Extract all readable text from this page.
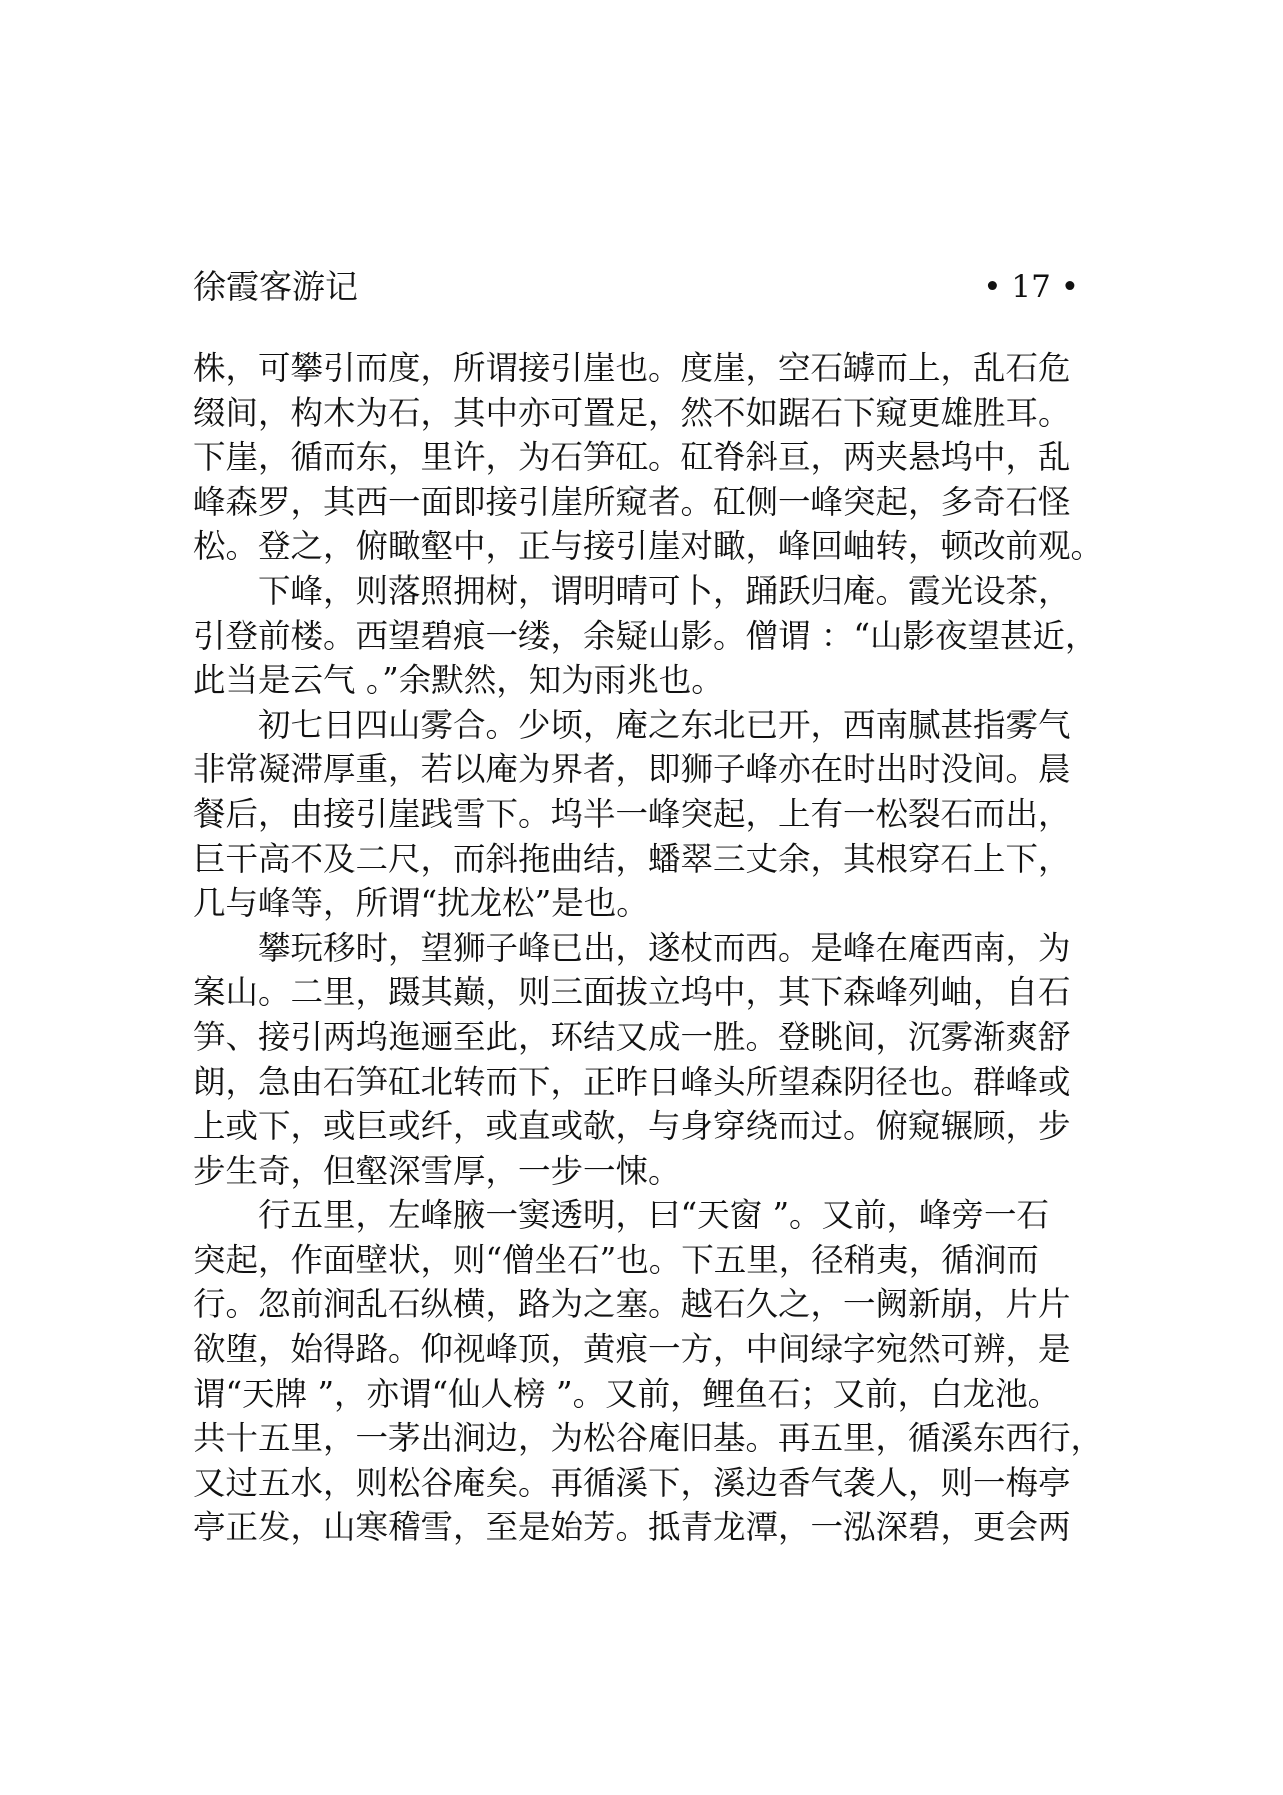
徐霞客游记	• 17 •
株，可攀引而度，所谓接引崖也。度崖，空石罅而上，乱石危
缀间，构木为石，其中亦可置足，然不如踞石下窥更雄胜耳。
下崖，循而东，里许，为石笋矼。矼脊斜亘，两夹悬坞中，乱
峰森罗，其西一面即接引崖所窥者。矼侧一峰突起，多奇石怪
松。登之，俯瞰壑中，正与接引崖对瞰，峰回岫转，顿改前观。
下峰，则落照拥树，谓明晴可卜，踊跃归庵。霞光设茶，
引登前楼。西望碧痕一缕，余疑山影。僧谓 ：“山影夜望甚近，
此当是云气 。”余默然，知为雨兆也。
初七日四山雾合。少顷，庵之东北已开，西南腻甚指雾气
非常凝滞厚重，若以庵为界者，即狮子峰亦在时出时没间。晨
餐后，由接引崖践雪下。坞半一峰突起，上有一松裂石而出，
巨干高不及二尺，而斜拖曲结，蟠翠三丈余，其根穿石上下，
几与峰等，所谓“扰龙松”是也。
攀玩移时，望狮子峰已出，遂杖而西。是峰在庵西南，为
案山。二里，蹑其巅，则三面拔立坞中，其下森峰列岫，自石
笋、接引两坞迤逦至此，环结又成一胜。登眺间，沉雾渐爽舒
朗，急由石笋矼北转而下，正昨日峰头所望森阴径也。群峰或
上或下，或巨或纤，或直或欹，与身穿绕而过。俯窥辗顾，步
步生奇，但壑深雪厚，一步一悚。
行五里，左峰腋一窦透明，曰“天窗 ”。又前，峰旁一石
突起，作面壁状，则“僧坐石”也。下五里，径稍夷，循涧而
行。忽前涧乱石纵横，路为之塞。越石久之，一阙新崩，片片
欲堕，始得路。仰视峰顶，黄痕一方，中间绿字宛然可辨，是
谓“天牌 ”，亦谓“仙人榜 ”。又前，鲤鱼石；又前，白龙池。
共十五里，一茅出涧边，为松谷庵旧基。再五里，循溪东西行，
又过五水，则松谷庵矣。再循溪下，溪边香气袭人，则一梅亭
亭正发，山寒稽雪，至是始芳。抵青龙潭，一泓深碧，更会两
